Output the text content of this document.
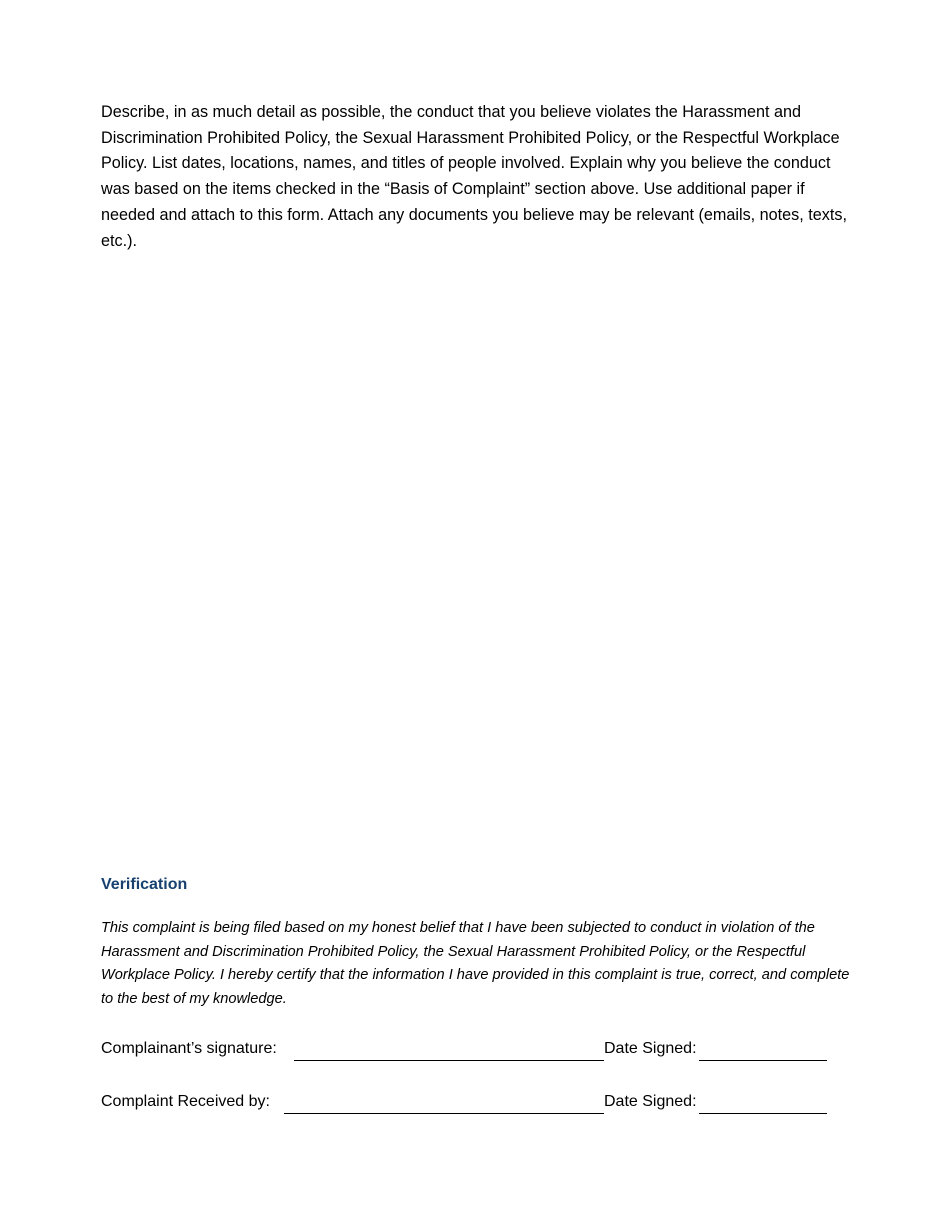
Describe, in as much detail as possible, the conduct that you believe violates the Harassment and Discrimination Prohibited Policy, the Sexual Harassment Prohibited Policy, or the Respectful Workplace Policy. List dates, locations, names, and titles of people involved. Explain why you believe the conduct was based on the items checked in the “Basis of Complaint” section above. Use additional paper if needed and attach to this form. Attach any documents you believe may be relevant (emails, notes, texts, etc.).
Verification
This complaint is being filed based on my honest belief that I have been subjected to conduct in violation of the Harassment and Discrimination Prohibited Policy, the Sexual Harassment Prohibited Policy, or the Respectful Workplace Policy. I hereby certify that the information I have provided in this complaint is true, correct, and complete to the best of my knowledge.
Complainant’s signature:	Date Signed:
Complaint Received by:	Date Signed:
